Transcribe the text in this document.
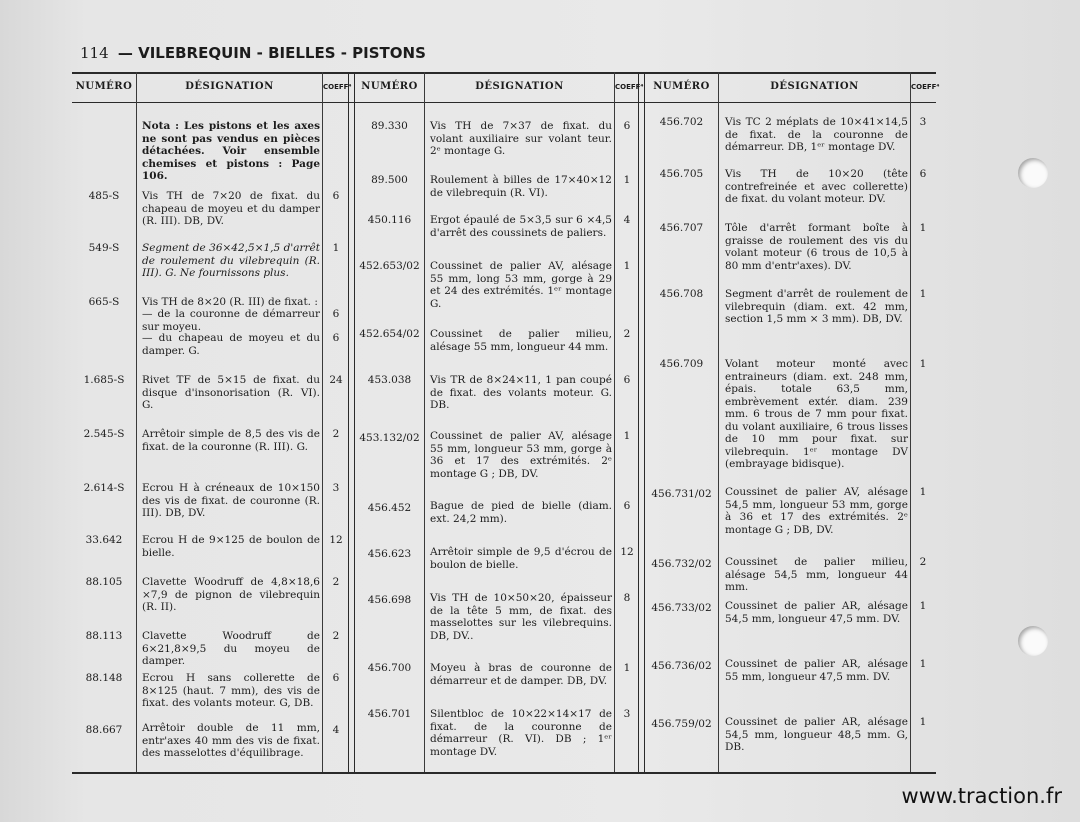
114 — VILEBREQUIN - BIELLES - PISTONS
NUMÉRO	DÉSIGNATION	COEFF⁴ NUMÉRO	DÉSIGNATION	COEFF⁴ NUMÉRO	DÉSIGNATION	COEFF⁴
Nota : Les pistons et les axes ne sont pas vendus en pièces détachées. Voir ensemble chemises et pistons : Page 106.
485-S	Vis TH de 7×20 de fixat. du chapeau de moyeu et du damper (R. III). DB, DV.
6
549-S	Segment de 36×42,5×1,5 d'arrêt de roulement du vilebrequin (R. III). G. Ne fournissons plus.
1
665-S	Vis TH de 8×20 (R. III) de fixat. :
— de la couronne de démarreur sur moyeu.
6
— du chapeau de moyeu et du damper. G.
6
1.685-S	Rivet TF de 5×15 de fixat. du disque d'insonorisation (R. VI). G.
24
2.545-S	Arrêtoir simple de 8,5 des vis de fixat. de la couronne (R. III). G.
2
2.614-S	Ecrou H à créneaux de 10×150 des vis de fixat. de couronne (R. III). DB, DV.
3
33.642	Ecrou H de 9×125 de boulon de bielle.
12
88.105	Clavette Woodruff de 4,8×18,6 ×7,9 de pignon de vilebrequin (R. II).
2
88.113	Clavette Woodruff de 6×21,8×9,5 du moyeu de damper.
2
88.148	Ecrou H sans collerette de 8×125 (haut. 7 mm), des vis de fixat. des volants moteur. G, DB.
6
88.667	Arrêtoir double de 11 mm, entr'axes 40 mm des vis de fixat. des masselottes d'équilibrage.
4
89.330	Vis TH de 7×37 de fixat. du volant auxiliaire sur volant teur. 2ᵉ montage G.
6
89.500	Roulement à billes de 17×40×12 de vilebrequin (R. VI).
1
450.116	Ergot épaulé de 5×3,5 sur 6 ×4,5 d'arrêt des coussinets de paliers.
4
452.653/02 Coussinet de palier AV, alésage 55 mm, long 53 mm, gorge à 29 et 24 des extrémités. 1ᵉʳ montage G.
1
452.654/02 Coussinet de palier milieu, alésage 55 mm, longueur 44 mm.
2
453.038	Vis TR de 8×24×11, 1 pan coupé de fixat. des volants moteur. G. DB.
6
453.132/02 Coussinet de palier AV, alésage 55 mm, longueur 53 mm, gorge à 36 et 17 des extrémités. 2ᵉ montage G ; DB, DV.
1
456.452	Bague de pied de bielle (diam. ext. 24,2 mm).
6
456.623	Arrêtoir simple de 9,5 d'écrou de boulon de bielle.
12
456.698	Vis TH de 10×50×20, épaisseur de la tête 5 mm, de fixat. des masselottes sur les vilebrequins. DB, DV..
8
456.700	Moyeu à bras de couronne de démarreur et de damper. DB, DV.
1
456.701	Silentbloc de 10×22×14×17 de fixat. de la couronne de démarreur (R. VI). DB ; 1ᵉʳ montage DV.
3
456.702	Vis TC 2 méplats de 10×41×14,5 de fixat. de la couronne de démarreur. DB, 1ᵉʳ montage DV.
3
456.705	Vis TH de 10×20 (tête contrefreinée et avec collerette) de fixat. du volant moteur. DV.
6
456.707	Tôle d'arrêt formant boîte à graisse de roulement des vis du volant moteur (6 trous de 10,5 à 80 mm d'entr'axes). DV.
1
456.708	Segment d'arrêt de roulement de vilebrequin (diam. ext. 42 mm, section 1,5 mm × 3 mm). DB, DV.
1
456.709	Volant moteur monté avec entraineurs (diam. ext. 248 mm, épais. totale 63,5 mm, embrèvement extér. diam. 239 mm. 6 trous de 7 mm pour fixat. du volant auxiliaire, 6 trous lisses de 10 mm pour fixat. sur vilebrequin. 1ᵉʳ montage DV (embrayage bidisque).
1
456.731/02	Coussinet de palier AV, alésage 54,5 mm, longueur 53 mm, gorge à 36 et 17 des extrémités. 2ᵉ montage G ; DB, DV.
1
456.732/02	Coussinet de palier milieu, alésage 54,5 mm, longueur 44 mm.
2
456.733/02	Coussinet de palier AR, alésage 54,5 mm, longueur 47,5 mm. DV.
1
456.736/02	Coussinet de palier AR, alésage 55 mm, longueur 47,5 mm. DV.
1
456.759/02	Coussinet de palier AR, alésage 54,5 mm, longueur 48,5 mm. G, DB.
1
www.traction.fr
